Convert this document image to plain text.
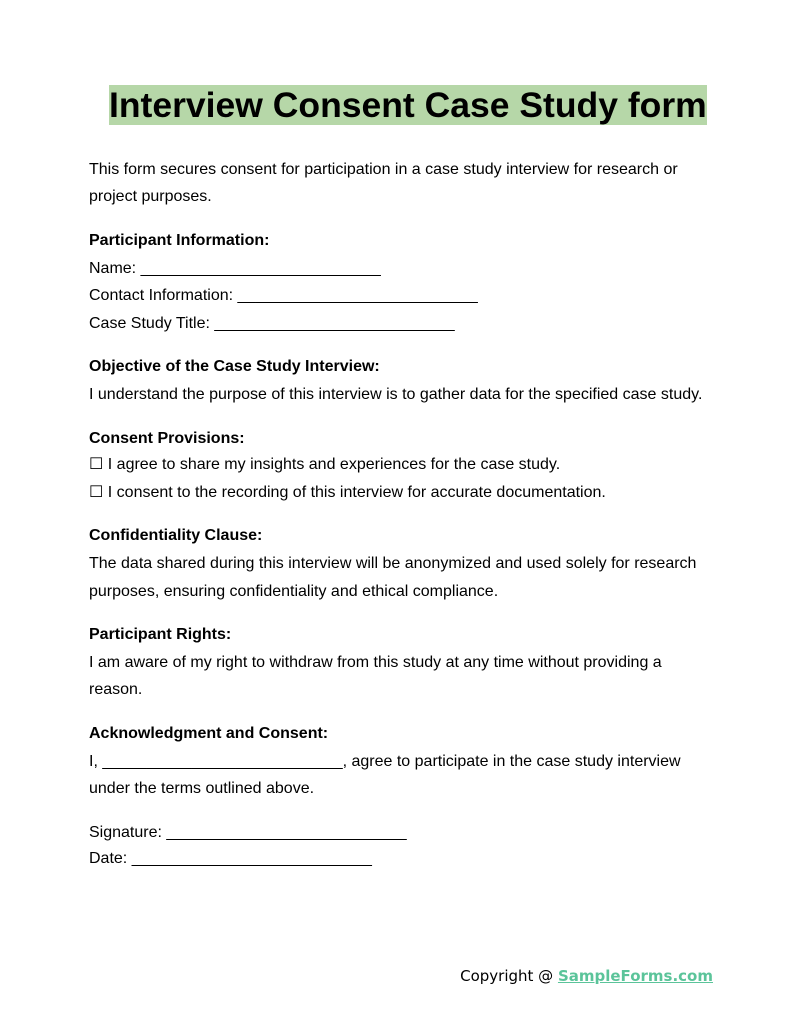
Interview Consent Case Study form
This form secures consent for participation in a case study interview for research or
project purposes.
Participant Information:
Name: ___________________________
Contact Information: ___________________________
Case Study Title: ___________________________
Objective of the Case Study Interview:
I understand the purpose of this interview is to gather data for the specified case study.
Consent Provisions:
☐ I agree to share my insights and experiences for the case study.
☐ I consent to the recording of this interview for accurate documentation.
Confidentiality Clause:
The data shared during this interview will be anonymized and used solely for research
purposes, ensuring confidentiality and ethical compliance.
Participant Rights:
I am aware of my right to withdraw from this study at any time without providing a
reason.
Acknowledgment and Consent:
I, ___________________________, agree to participate in the case study interview
under the terms outlined above.
Signature: ___________________________
Date: ___________________________
Copyright @ SampleForms.com
